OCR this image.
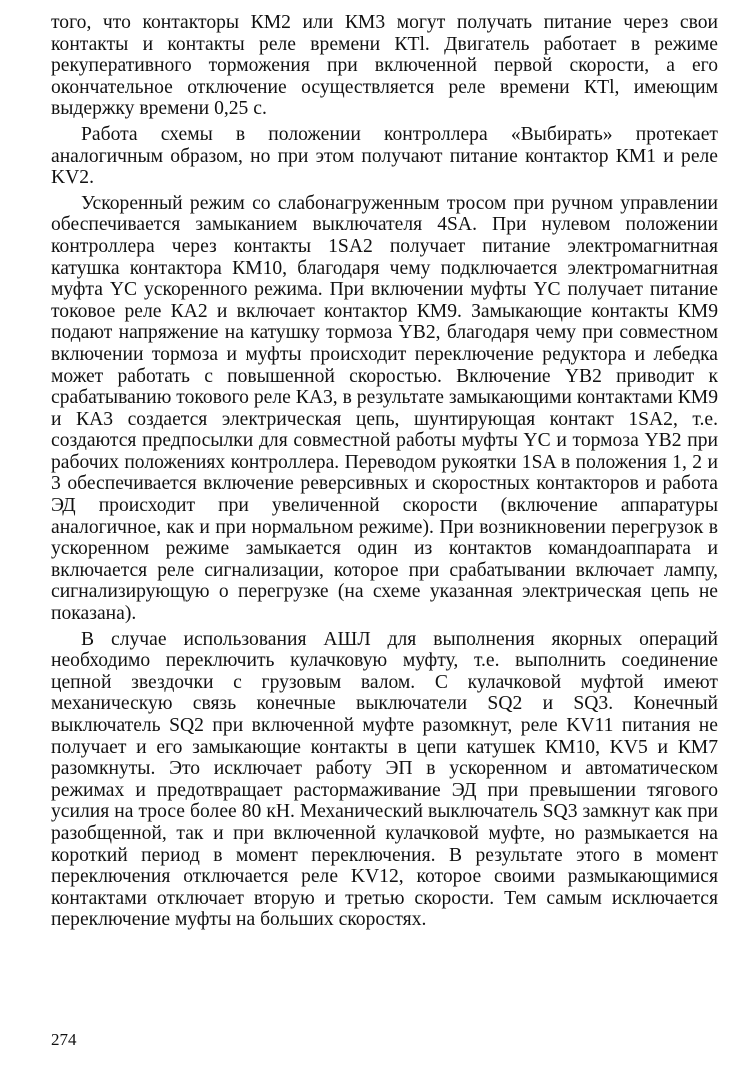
того, что контакторы КМ2 или КМ3 могут получать питание через свои контакты и контакты реле времени КТl. Двигатель работает в режиме рекуперативного торможения при включенной первой скорости, а его окончательное отключение осуществляется реле времени КТl, имеющим выдержку времени 0,25 с.

Работа схемы в положении контроллера «Выбирать» протекает аналогичным образом, но при этом получают питание контактор КМ1 и реле KV2.

Ускоренный режим со слабонагруженным тросом при ручном управлении обеспечивается замыканием выключателя 4SA. При нулевом положении контроллера через контакты 1SA2 получает питание электромагнитная катушка контактора КМ10, благодаря чему подключается электромагнитная муфта YC ускоренного режима. При включении муфты YC получает питание токовое реле КА2 и включает контактор КМ9. Замыкающие контакты КМ9 подают напряжение на катушку тормоза YB2, благодаря чему при совместном включении тормоза и муфты происходит переключение редуктора и лебедка может работать с повышенной скоростью. Включение YB2 приводит к срабатыванию токового реле КА3, в результате замыкающими контактами КМ9 и КА3 создается электрическая цепь, шунтирующая контакт 1SA2, т.е. создаются предпосылки для совместной работы муфты YC и тормоза YB2 при рабочих положениях контроллера. Переводом рукоятки 1SA в положения 1, 2 и 3 обеспечивается включение реверсивных и скоростных контакторов и работа ЭД происходит при увеличенной скорости (включение аппаратуры аналогичное, как и при нормальном режиме). При возникновении перегрузок в ускоренном режиме замыкается один из контактов командоаппарата и включается реле сигнализации, которое при срабатывании включает лампу, сигнализирующую о перегрузке (на схеме указанная электрическая цепь не показана).

В случае использования АШЛ для выполнения якорных операций необходимо переключить кулачковую муфту, т.е. выполнить соединение цепной звездочки с грузовым валом. С кулачковой муфтой имеют механическую связь конечные выключатели SQ2 и SQ3. Конечный выключатель SQ2 при включенной муфте разомкнут, реле KV11 питания не получает и его замыкающие контакты в цепи катушек КМ10, KV5 и КМ7 разомкнуты. Это исключает работу ЭП в ускоренном и автоматическом режимах и предотвращает растормаживание ЭД при превышении тягового усилия на тросе более 80 кН. Механический выключатель SQ3 замкнут как при разобщенной, так и при включенной кулачковой муфте, но размыкается на короткий период в момент переключения. В результате этого в момент переключения отключается реле KV12, которое своими размыкающимися контактами отключает вторую и третью скорости. Тем самым исключается переключение муфты на больших скоростях.

274
